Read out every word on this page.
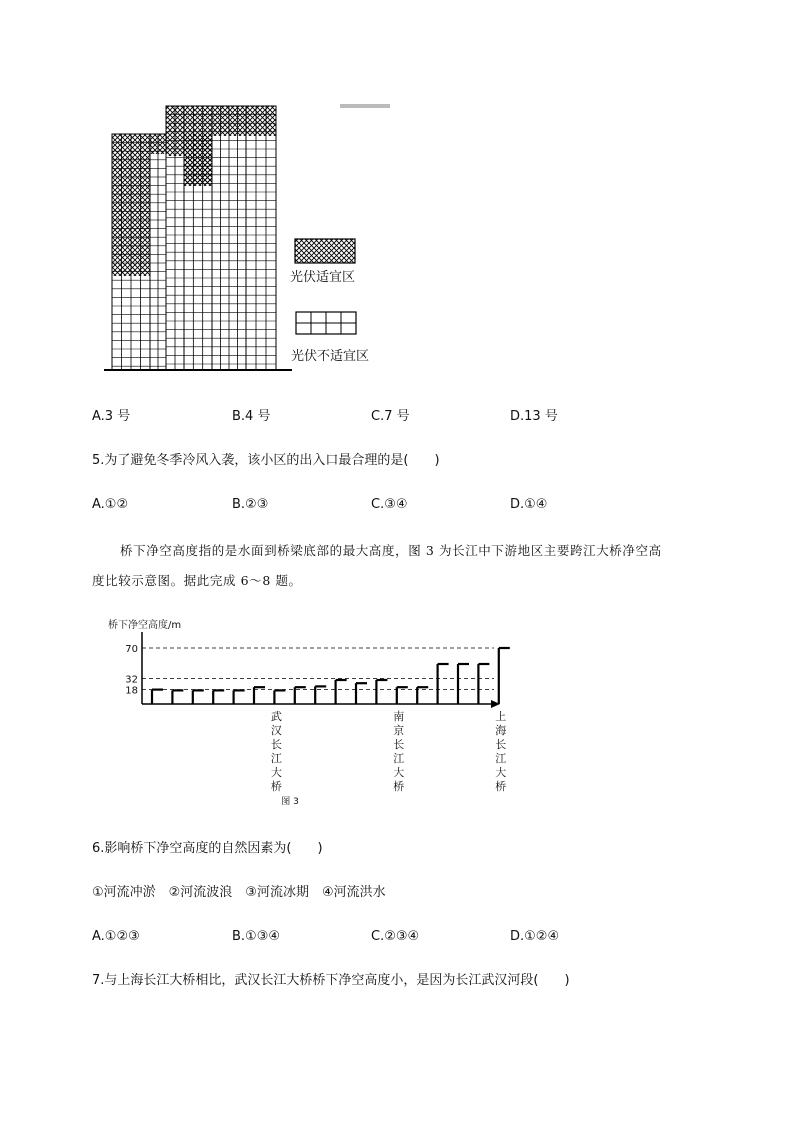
光伏适宜区
光伏不适宜区
A.3 号	B.4 号	C.7 号	D.13 号
5.为了避免冬季冷风入袭，该小区的出入口最合理的是(　　)
A.①②	B.②③	C.③④	D.①④
桥下净空高度指的是水面到桥梁底部的最大高度，图 3 为长江中下游地区主要跨江大桥净空高
度比较示意图。据此完成 6～8 题。
桥下净空高度/m
18
32
70
武
汉
长
江
大
桥
南
京
长
江
大
桥
上
海
长
江
大
桥
图 3
6.影响桥下净空高度的自然因素为(　　)
①河流冲淤　②河流波浪　③河流冰期　④河流洪水
A.①②③	B.①③④	C.②③④	D.①②④
7.与上海长江大桥相比，武汉长江大桥桥下净空高度小，是因为长江武汉河段(　　)
